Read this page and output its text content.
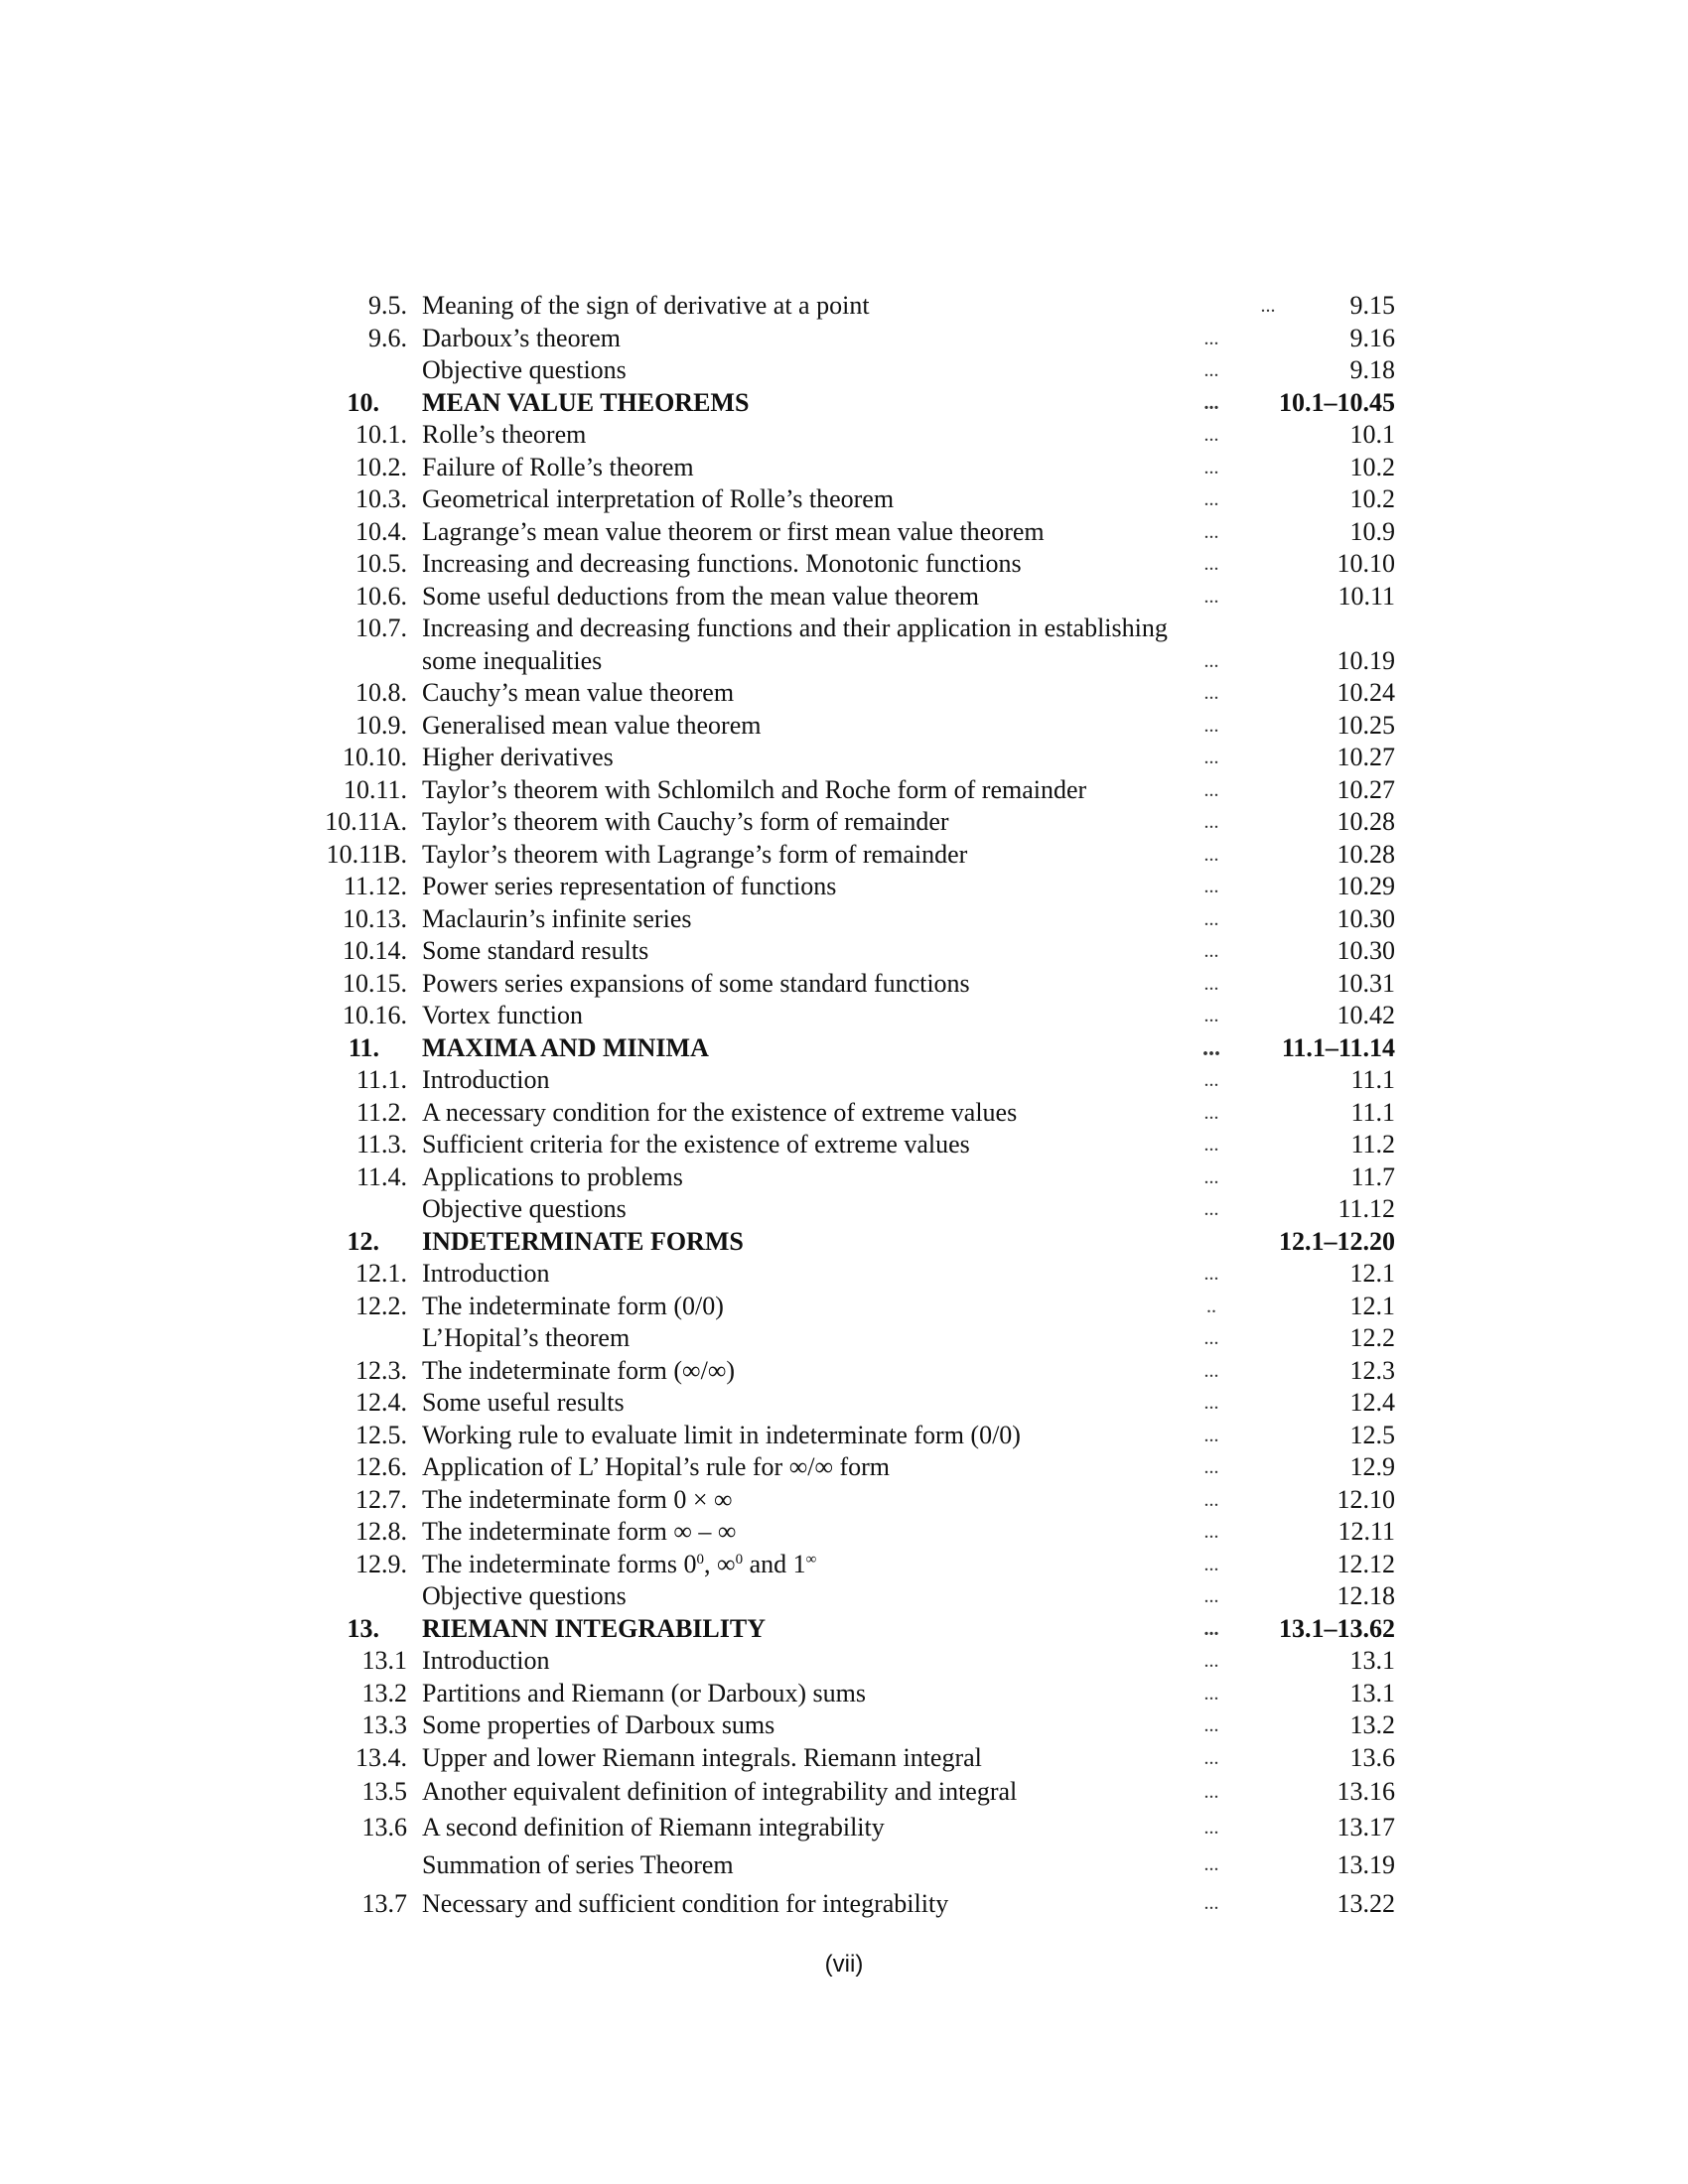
9.5. Meaning of the sign of derivative at a point	...	9.15
9.6. Darboux’s theorem	...	9.16
Objective questions	...	9.18
10. MEAN VALUE THEOREMS	... 10.1–10.45
10.1. Rolle’s theorem	...	10.1
10.2. Failure of Rolle’s theorem	...	10.2
10.3. Geometrical interpretation of Rolle’s theorem	...	10.2
10.4. Lagrange’s mean value theorem or first mean value theorem	...	10.9
10.5. Increasing and decreasing functions. Monotonic functions	...	10.10
10.6. Some useful deductions from the mean value theorem	...	10.11
10.7. Increasing and decreasing functions and their application in establishing
some inequalities	...	10.19
10.8. Cauchy’s mean value theorem	...	10.24
10.9. Generalised mean value theorem	...	10.25
10.10. Higher derivatives	...	10.27
10.11. Taylor’s theorem with Schlomilch and Roche form of remainder	...	10.27
10.11A. Taylor’s theorem with Cauchy’s form of remainder	...	10.28
10.11B. Taylor’s theorem with Lagrange’s form of remainder	...	10.28
11.12. Power series representation of functions	...	10.29
10.13. Maclaurin’s infinite series	...	10.30
10.14. Some standard results	...	10.30
10.15. Powers series expansions of some standard functions	...	10.31
10.16. Vortex function	...	10.42
11. MAXIMA AND MINIMA	... 11.1–11.14
11.1. Introduction	...	11.1
11.2. A necessary condition for the existence of extreme values	...	11.1
11.3. Sufficient criteria for the existence of extreme values	...	11.2
11.4. Applications to problems	...	11.7
Objective questions	...	11.12
12. INDETERMINATE FORMS	12.1–12.20
12.1. Introduction	...	12.1
12.2. The indeterminate form (0/0)	..	12.1
L’Hopital’s theorem	...	12.2
12.3. The indeterminate form (∞/∞)	...	12.3
12.4. Some useful results	...	12.4
12.5. Working rule to evaluate limit in indeterminate form (0/0)	...	12.5
12.6. Application of L’ Hopital’s rule for ∞/∞ form	...	12.9
12.7. The indeterminate form 0 × ∞	...	12.10
12.8. The indeterminate form ∞ – ∞	...	12.11
12.9. The indeterminate forms $0^0$, ∞$^0$ and 1∞	...	12.12
Objective questions	...	12.18
13. RIEMANN INTEGRABILITY	... 13.1–13.62
13.1 Introduction	...	13.1
13.2 Partitions and Riemann (or Darboux) sums	...	13.1
13.3 Some properties of Darboux sums	...	13.2
13.4. Upper and lower Riemann integrals. Riemann integral	...	13.6
13.5 Another equivalent definition of integrability and integral	...	13.16
13.6 A second definition of Riemann integrability	...	13.17
Summation of series Theorem	...	13.19
13.7 Necessary and sufficient condition for integrability	...	13.22
(vii)
